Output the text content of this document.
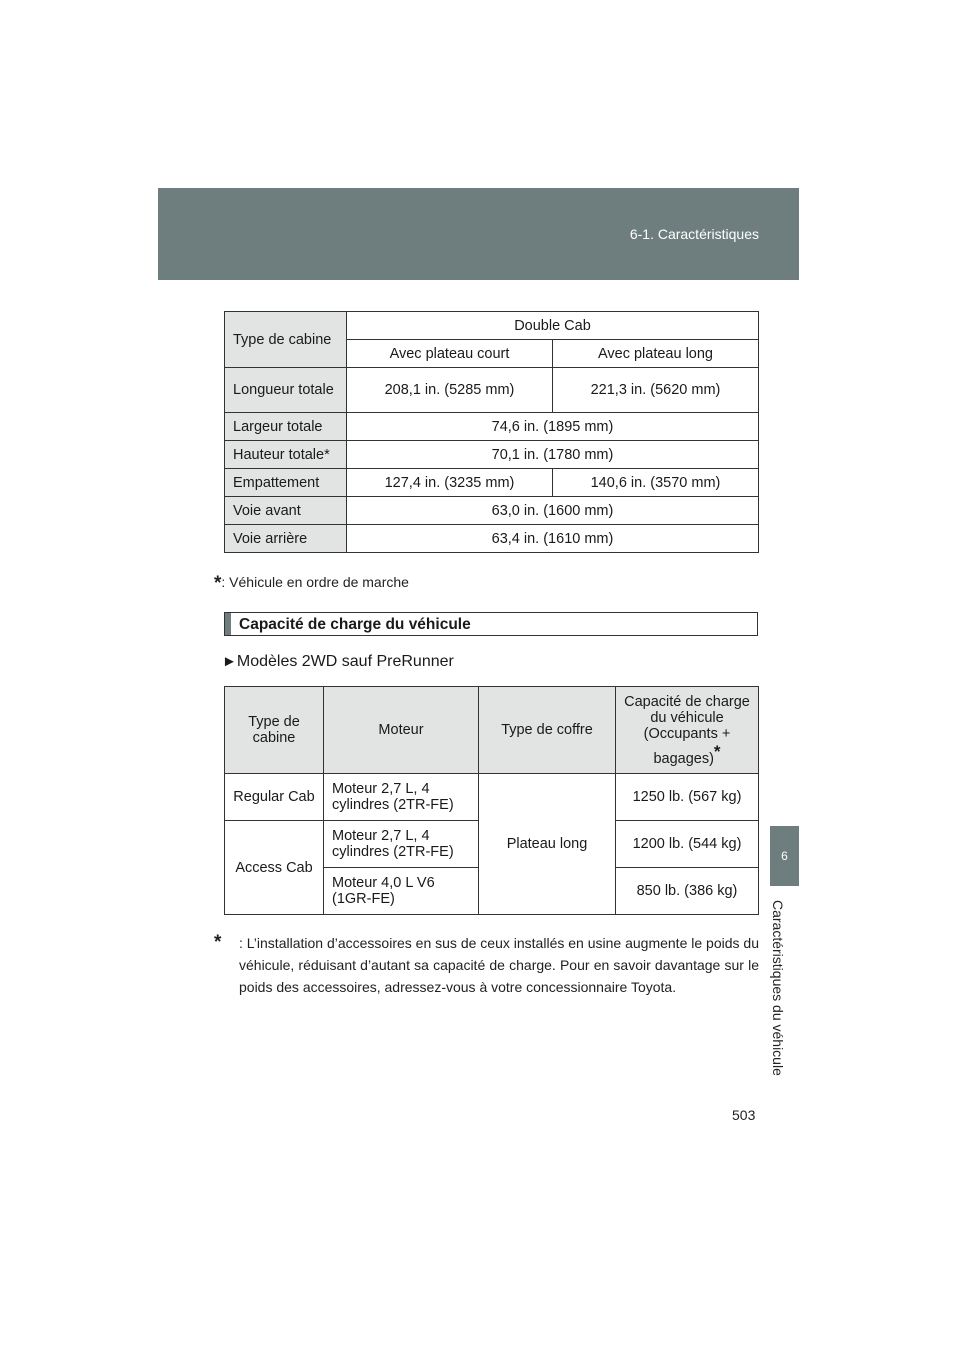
6-1. Caractéristiques
6
Caractéristiques du véhicule
Type de cabine	Double Cab	
	Avec plateau court	Avec plateau long
Longueur totale	208,1 in. (5285 mm)	221,3 in. (5620 mm)
Largeur totale	74,6 in. (1895 mm)	
Hauteur totale*	70,1 in. (1780 mm)	
Empattement	127,4 in. (3235 mm)	140,6 in. (3570 mm)
Voie avant	63,0 in. (1600 mm)	
Voie arrière	63,4 in. (1610 mm)	
*: Véhicule en ordre de marche
Capacité de charge du véhicule
►Modèles 2WD sauf PreRunner
Type de cabine	Moteur	Type de coffre	Capacité de charge du véhicule (Occupants + bagages)*
Regular Cab	Moteur 2,7 L, 4 cylindres (2TR-FE)	Plateau long	1250 lb. (567 kg)
Access Cab	Moteur 2,7 L, 4 cylindres (2TR-FE)		1200 lb. (544 kg)
	Moteur 4,0 L V6 (1GR-FE)		850 lb. (386 kg)
*	: L’installation d’accessoires en sus de ceux installés en usine augmente le poids du véhicule, réduisant d’autant sa capacité de charge. Pour en savoir davantage sur le poids des accessoires, adressez-vous à votre concessionnaire Toyota.
503
